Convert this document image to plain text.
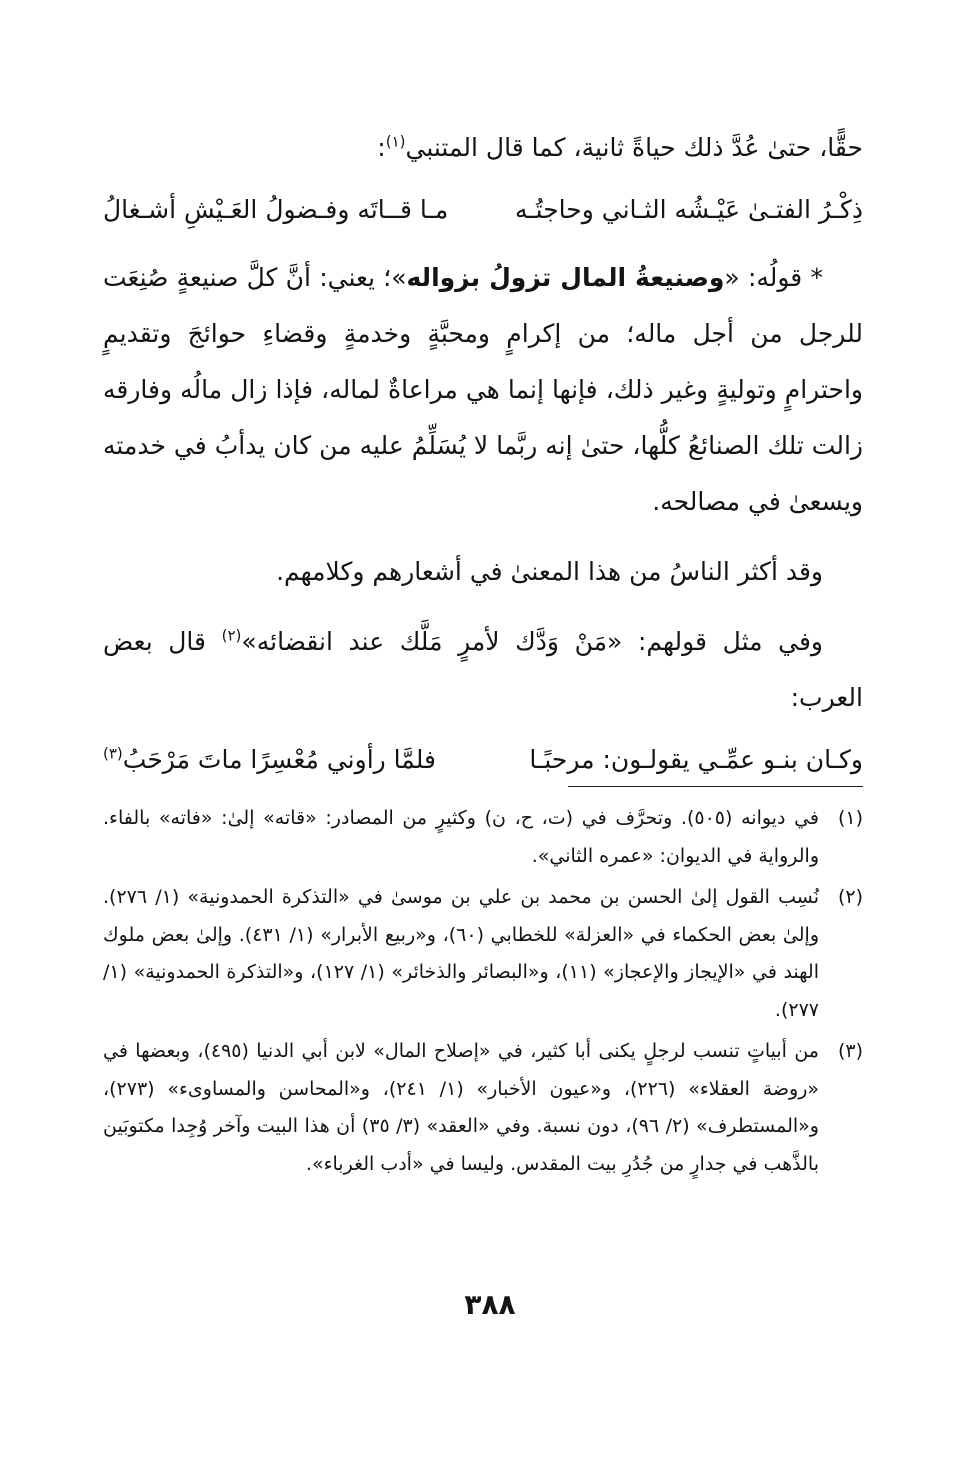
حقًّا، حتىٰ عُدَّ ذلك حياةً ثانية، كما قال المتنبي$^{(١)}$:

ذِكْـرُ الفتـىٰ عَيْـشُه الثـاني وحاجتُـه
مـا قــاتَه وفـضولُ العَـيْشِ أشـغالُ

* قولُه: «وصنيعةُ المال تزولُ بزواله»؛ يعني: أنَّ كلَّ صنيعةٍ صُنِعَت للرجل من أجل ماله؛ من إكرامٍ ومحبَّةٍ وخدمةٍ وقضاءِ حوائجَ وتقديمٍ واحترامٍ وتوليةٍ وغير ذلك، فإنها إنما هي مراعاةٌ لماله، فإذا زال مالُه وفارقه زالت تلك الصنائعُ كلُّها، حتىٰ إنه ربَّما لا يُسَلِّمُ عليه من كان يدأبُ في خدمته ويسعىٰ في مصالحه.

وقد أكثر الناسُ من هذا المعنىٰ في أشعارهم وكلامهم.

وفي مثل قولهم: «مَنْ وَدَّك لأمرٍ مَلَّك عند انقضائه»$^{(٢)}$ قال بعض العرب:

وكـان بنـو عمِّـي يقولـون: مرحبًـا
فلمَّا رأوني مُعْسِرًا ماتَ مَرْحَبُ$^{(٣)}$
(١)
في ديوانه (٥٠٥). وتحرَّف في (ت، ح، ن) وكثيرٍ من المصادر: «قاته» إلىٰ: «فاته» بالفاء. والرواية في الديوان: «عمره الثاني».
(٢)
نُسِب القول إلىٰ الحسن بن محمد بن علي بن موسىٰ في «التذكرة الحمدونية» (١/ ٢٧٦). وإلىٰ بعض الحكماء في «العزلة» للخطابي (٦٠)، و«ربيع الأبرار» (١/ ٤٣١). وإلىٰ بعض ملوك الهند في «الإيجاز والإعجاز» (١١)، و«البصائر والذخائر» (١/ ١٢٧)، و«التذكرة الحمدونية» (١/ ٢٧٧).
(٣)
من أبياتٍ تنسب لرجلٍ يكنى أبا كثير، في «إصلاح المال» لابن أبي الدنيا (٤٩٥)، وبعضها في «روضة العقلاء» (٢٢٦)، و«عيون الأخبار» (١/ ٢٤١)، و«المحاسن والمساوىء» (٢٧٣)، و«المستطرف» (٢/ ٩٦)، دون نسبة. وفي «العقد» (٣/ ٣٥) أن هذا البيت وآخر وُجِدا مكتوبَين بالذَّهب في جدارٍ من جُدُرِ بيت المقدس. وليسا في «أدب الغرباء».
٣٨٨
